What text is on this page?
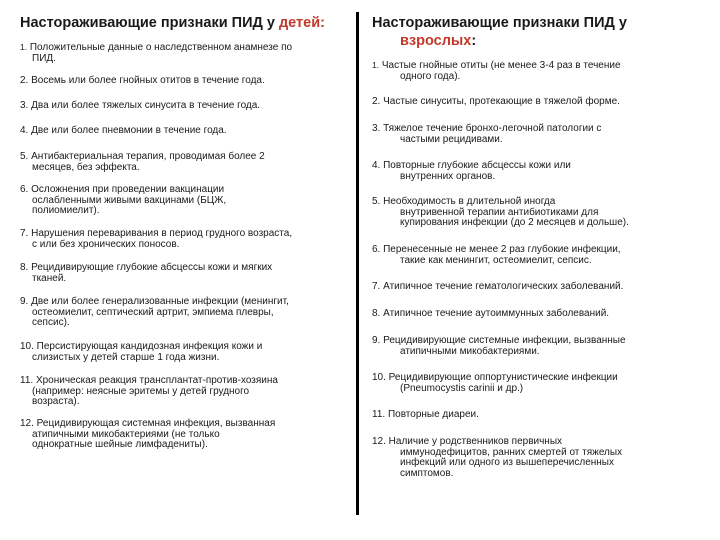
Настораживающие признаки ПИД у детей:
1. Положительные данные о наследственном анамнезе по
ПИД.
2. Восемь или более гнойных отитов в течение года.
3. Два или более тяжелых синусита в течение года.
4. Две или более пневмонии в течение года.
5. Антибактериальная терапия, проводимая более 2
месяцев, без эффекта.
6. Осложнения при проведении вакцинации
ослабленными живыми вакцинами (БЦЖ,
полиомиелит).
7. Нарушения переваривания в период грудного возраста,
с или без хронических поносов.
8. Рецидивирующие глубокие абсцессы кожи и мягких
тканей.
9. Две или более генерализованные инфекции (менингит,
остеомиелит, септический артрит, эмпиема плевры,
сепсис).
10. Персистирующая кандидозная инфекция кожи и
слизистых у детей старше 1 года жизни.
11. Хроническая реакция трансплантат-против-хозяина
(например: неясные эритемы у детей грудного
возраста).
12. Рецидивирующая системная инфекция, вызванная
атипичными микобактериями (не только
однократные шейные лимфадениты).
Настораживающие признаки ПИД у
взрослых:
1. Частые гнойные отиты (не менее 3-4 раз в течение
одного года).
2. Частые синуситы, протекающие в тяжелой форме.
3. Тяжелое течение бронхо-легочной патологии с
частыми рецидивами.
4. Повторные глубокие абсцессы кожи или
внутренних органов.
5. Необходимость в длительной иногда
внутривенной терапии антибиотиками для
купирования инфекции (до 2 месяцев и дольше).
6. Перенесенные не менее 2 раз глубокие инфекции,
такие как менингит, остеомиелит, сепсис.
7. Атипичное течение гематологических заболеваний.
8. Атипичное течение аутоиммунных заболеваний.
9. Рецидивирующие системные инфекции, вызванные
атипичными микобактериями.
10. Рецидивирующие оппортунистические инфекции
(Pneumocystis carinii и др.)
11. Повторные диареи.
12. Наличие у родственников первичных
иммунодефицитов, ранних смертей от тяжелых
инфекций или одного из вышеперечисленных
симптомов.
